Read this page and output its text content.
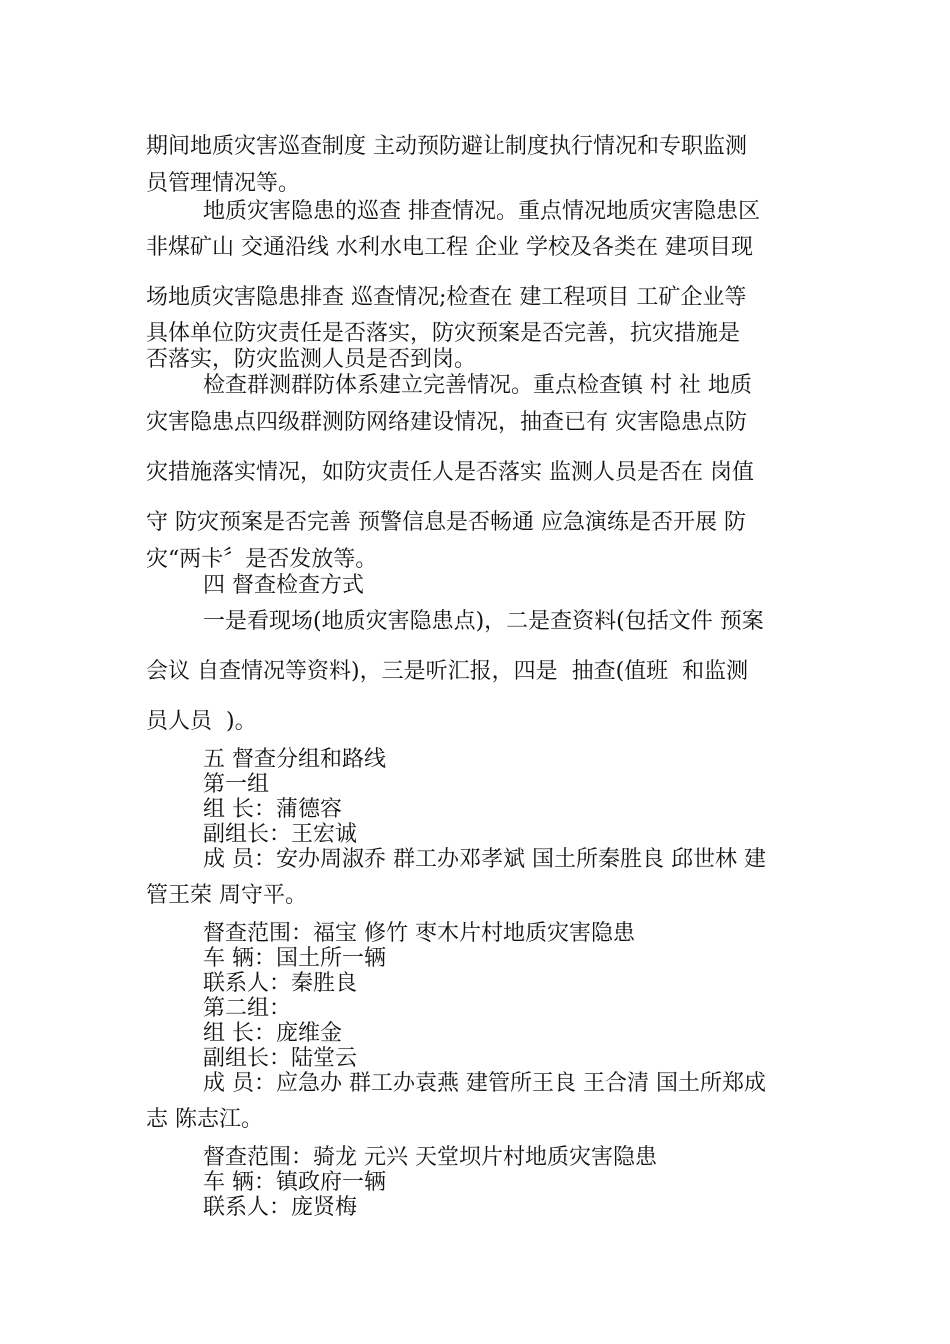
期间地质灾害巡查制度 主动预防避让制度执行情况和专职监测

员管理情况等。

地质灾害隐患的巡查 排查情况。重点情况地质灾害隐患区

非煤矿山 交通沿线 水利水电工程 企业 学校及各类在 建项目现

场地质灾害隐患排查 巡查情况;检查在 建工程项目 工矿企业等

具体单位防灾责任是否落实，防灾预案是否完善，抗灾措施是

否落实，防灾监测人员是否到岗。

检查群测群防体系建立完善情况。重点检查镇 村 社 地质

灾害隐患点四级群测防网络建设情况，抽查已有 灾害隐患点防

灾措施落实情况，如防灾责任人是否落实 监测人员是否在 岗值

守 防灾预案是否完善 预警信息是否畅通 应急演练是否开展 防

灾“两卡〞是否发放等。

四 督查检查方式

一是看现场(地质灾害隐患点)，二是查资料(包括文件 预案

会议 自查情况等资料)，三是听汇报，四是  抽查(值班  和监测

员人员  )。

五 督查分组和路线

第一组

组 长：蒲德容

副组长：王宏诚

成 员：安办周淑乔 群工办邓孝斌 国土所秦胜良 邱世林 建

管王荣 周守平。

督查范围：福宝 修竹 枣木片村地质灾害隐患

车 辆：国土所一辆

联系人：秦胜良

第二组：

组 长：庞维金

副组长：陆堂云

成 员：应急办 群工办袁燕 建管所王良 王合清 国土所郑成

志 陈志江。

督查范围：骑龙 元兴 天堂坝片村地质灾害隐患

车 辆：镇政府一辆

联系人：庞贤梅
